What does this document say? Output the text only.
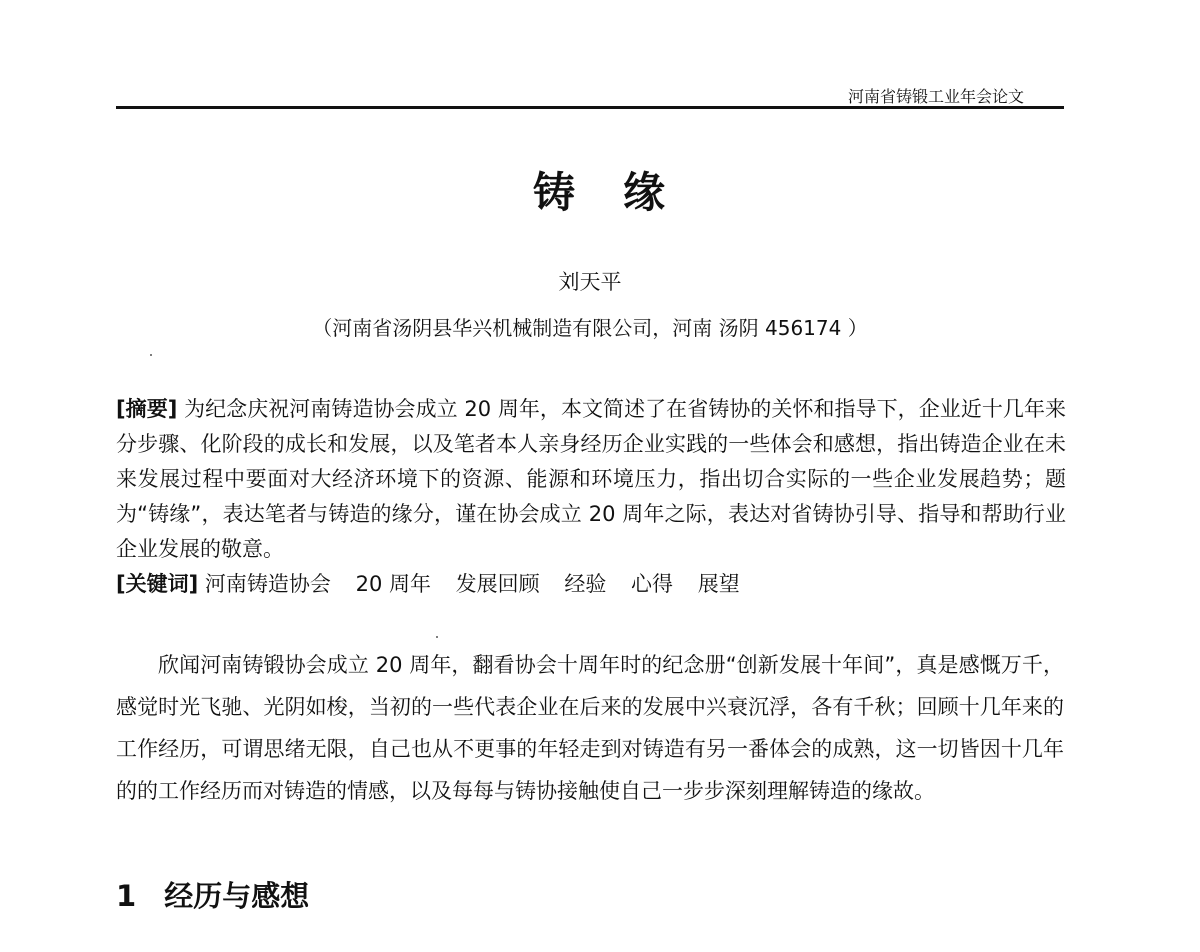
河南省铸锻工业年会论文
铸 缘
刘天平
（河南省汤阴县华兴机械制造有限公司，河南 汤阴 456174 ）
[摘要] 为纪念庆祝河南铸造协会成立 20 周年，本文简述了在省铸协的关怀和指导下，企业近十几年来分步骤、化阶段的成长和发展，以及笔者本人亲身经历企业实践的一些体会和感想，指出铸造企业在未来发展过程中要面对大经济环境下的资源、能源和环境压力，指出切合实际的一些企业发展趋势；题为“铸缘”，表达笔者与铸造的缘分，谨在协会成立 20 周年之际，表达对省铸协引导、指导和帮助行业企业发展的敬意。
[关键词] 河南铸造协会 20 周年 发展回顾 经验 心得 展望

欣闻河南铸锻协会成立 20 周年，翻看协会十周年时的纪念册“创新发展十年间”，真是感慨万千，感觉时光飞驰、光阴如梭，当初的一些代表企业在后来的发展中兴衰沉浮，各有千秋；回顾十几年来的工作经历，可谓思绪无限，自己也从不更事的年轻走到对铸造有另一番体会的成熟，这一切皆因十几年的的工作经历而对铸造的情感，以及每每与铸协接触使自己一步步深刻理解铸造的缘故。

1 经历与感想
